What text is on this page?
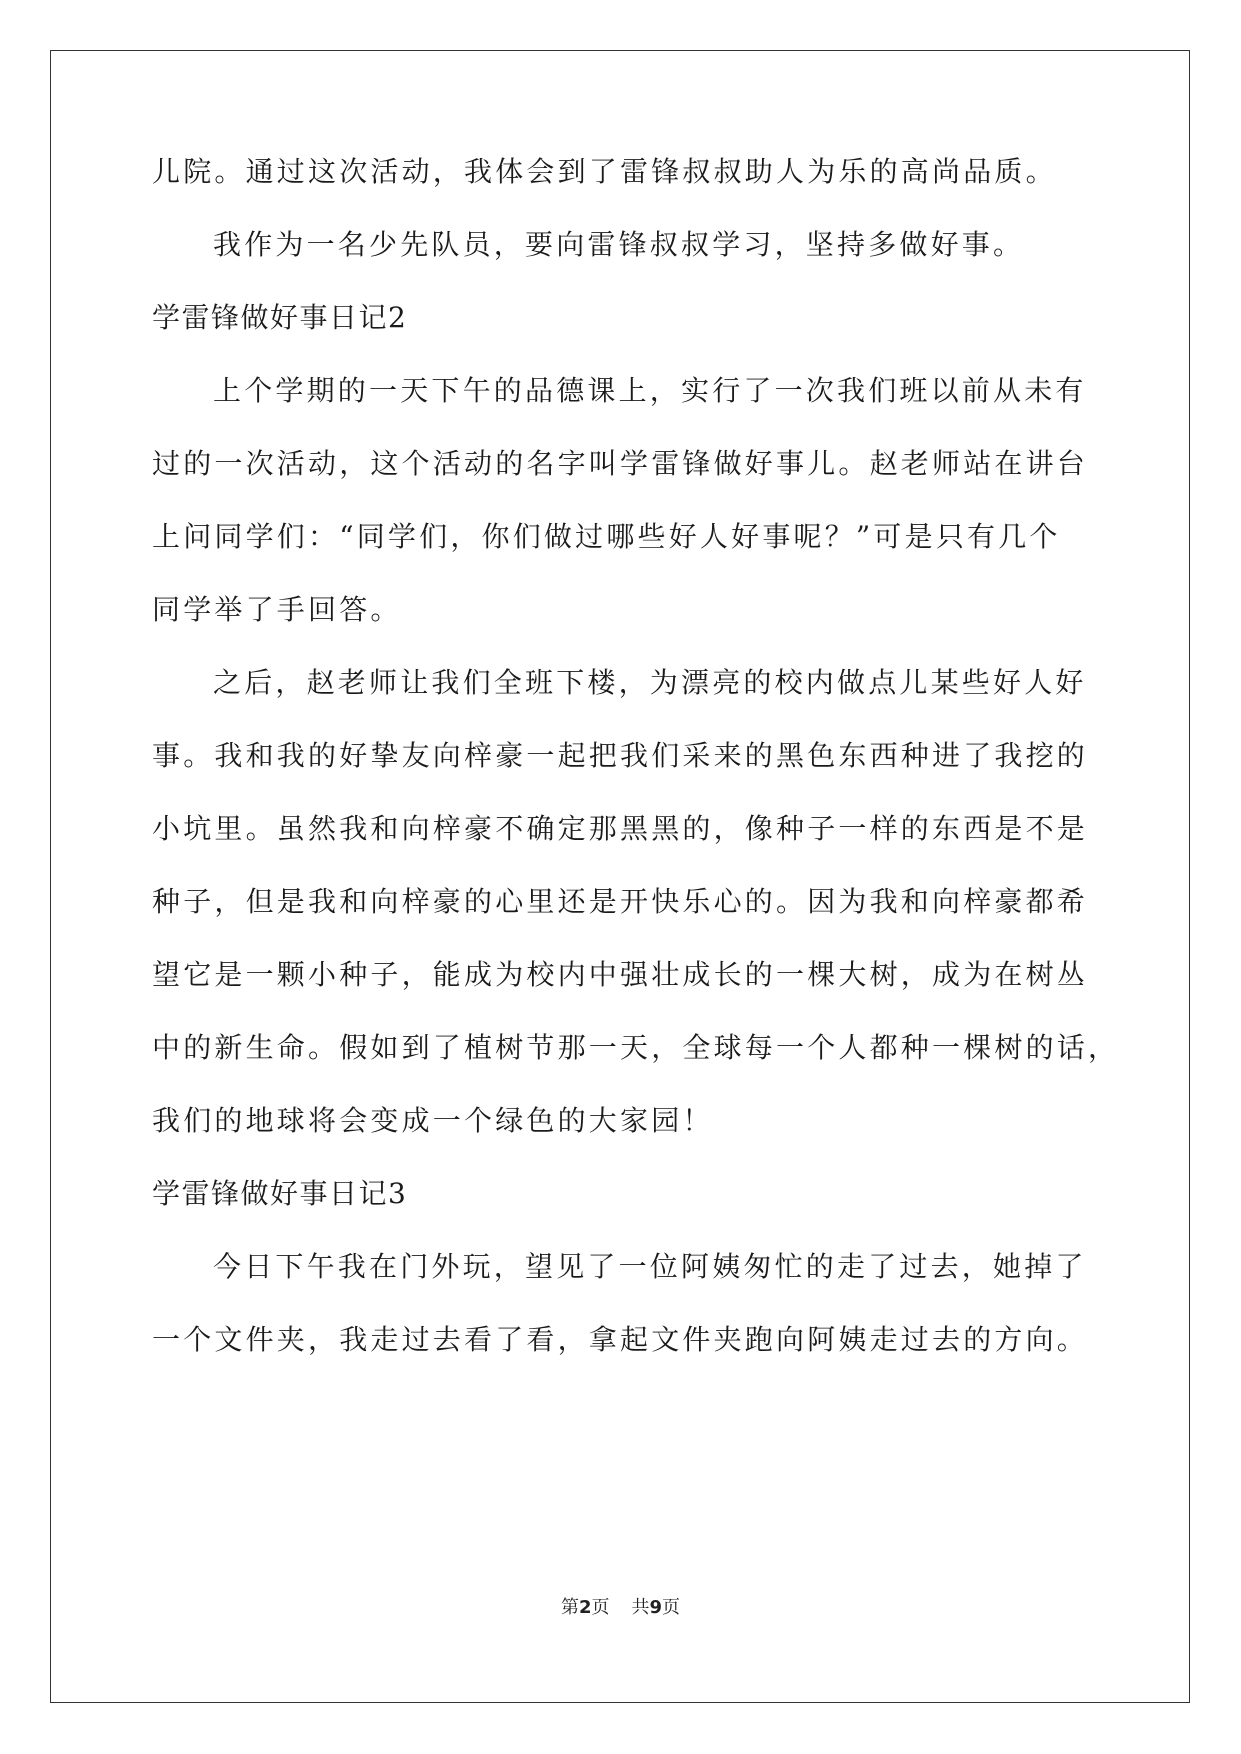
儿院。通过这次活动，我体会到了雷锋叔叔助人为乐的高尚品质。
我作为一名少先队员，要向雷锋叔叔学习，坚持多做好事。
学雷锋做好事日记2
上个学期的一天下午的品德课上，实行了一次我们班以前从未有
过的一次活动，这个活动的名字叫学雷锋做好事儿。赵老师站在讲台
上问同学们：“同学们，你们做过哪些好人好事呢？”可是只有几个
同学举了手回答。
之后，赵老师让我们全班下楼，为漂亮的校内做点儿某些好人好
事。我和我的好挚友向梓豪一起把我们采来的黑色东西种进了我挖的
小坑里。虽然我和向梓豪不确定那黑黑的，像种子一样的东西是不是
种子，但是我和向梓豪的心里还是开快乐心的。因为我和向梓豪都希
望它是一颗小种子，能成为校内中强壮成长的一棵大树，成为在树丛
中的新生命。假如到了植树节那一天，全球每一个人都种一棵树的话，
我们的地球将会变成一个绿色的大家园！
学雷锋做好事日记3
今日下午我在门外玩，望见了一位阿姨匆忙的走了过去，她掉了
一个文件夹，我走过去看了看，拿起文件夹跑向阿姨走过去的方向。
第2页 共9页
